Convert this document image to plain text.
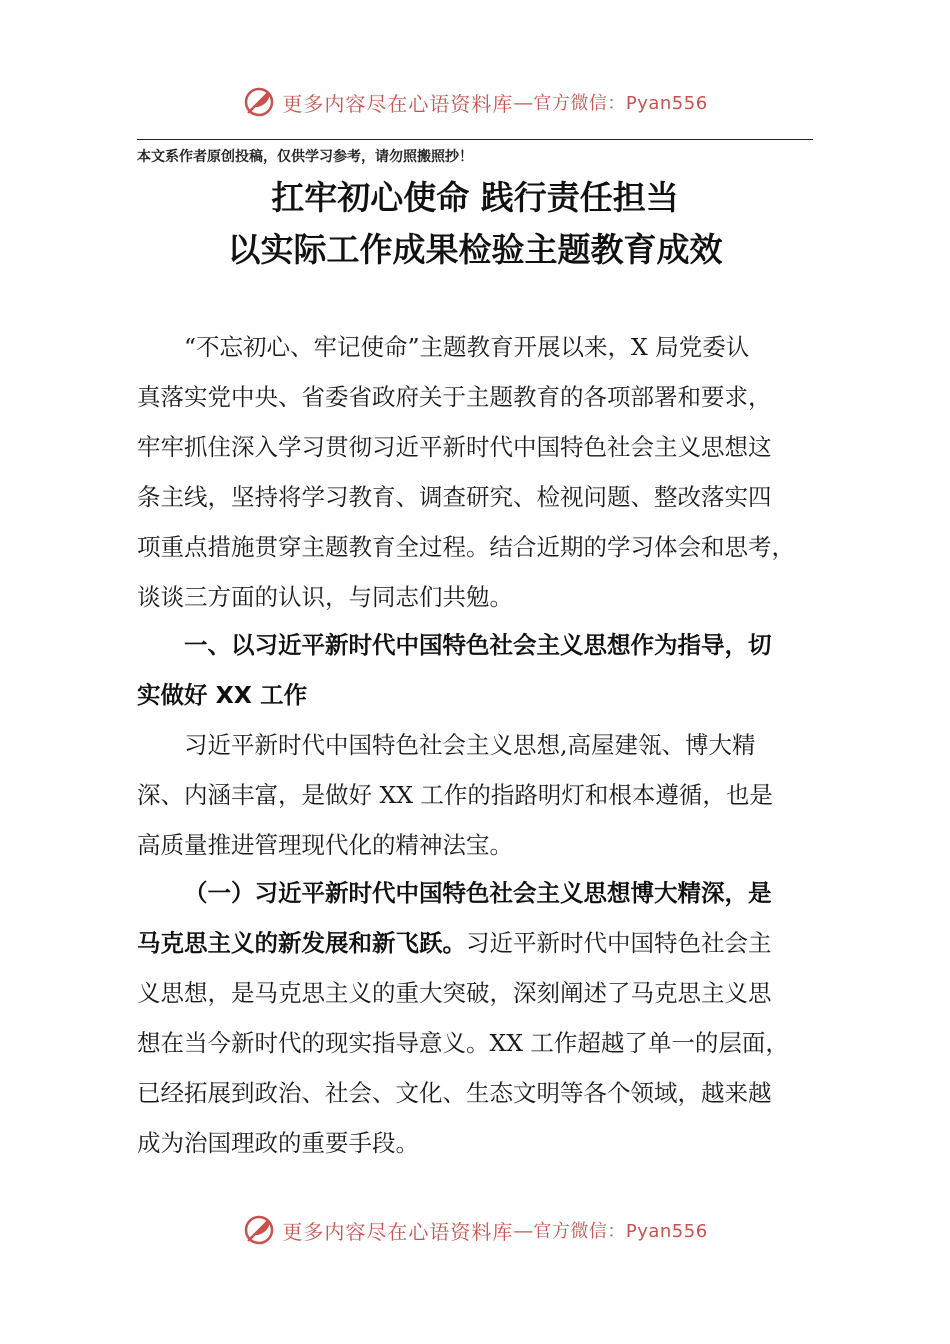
更多内容尽在心语资料库 — 官方微信：Pyan556
本文系作者原创投稿，仅供学习参考，请勿照搬照抄！
扛牢初心使命 践行责任担当
以实际工作成果检验主题教育成效
“不忘初心、牢记使命”主题教育开展以来，X 局党委认
真落实党中央、省委省政府关于主题教育的各项部署和要求，
牢牢抓住深入学习贯彻习近平新时代中国特色社会主义思想这
条主线，坚持将学习教育、调查研究、检视问题、整改落实四
项重点措施贯穿主题教育全过程。结合近期的学习体会和思考，
谈谈三方面的认识，与同志们共勉。
一、以习近平新时代中国特色社会主义思想作为指导，切
实做好 XX 工作
习近平新时代中国特色社会主义思想,高屋建瓴、博大精
深、内涵丰富，是做好 XX 工作的指路明灯和根本遵循，也是
高质量推进管理现代化的精神法宝。
（一）习近平新时代中国特色社会主义思想博大精深，是
马克思主义的新发展和新飞跃。习近平新时代中国特色社会主
义思想，是马克思主义的重大突破，深刻阐述了马克思主义思
想在当今新时代的现实指导意义。XX 工作超越了单一的层面，
已经拓展到政治、社会、文化、生态文明等各个领域，越来越
成为治国理政的重要手段。
更多内容尽在心语资料库 — 官方微信：Pyan556
